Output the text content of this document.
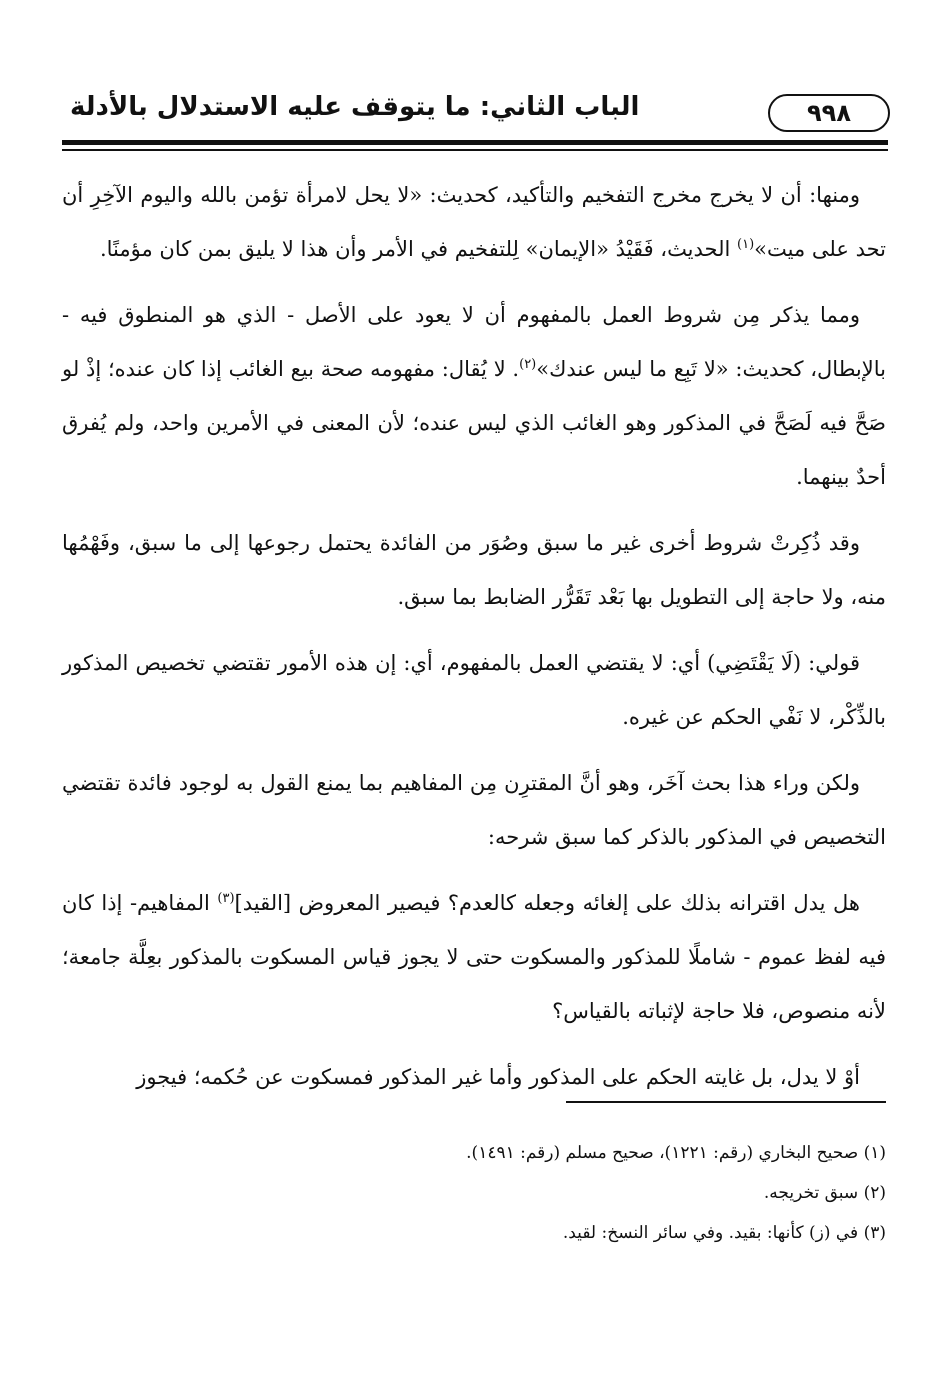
٩٩٨
الباب الثاني: ما يتوقف عليه الاستدلال بالأدلة

ومنها: أن لا يخرج مخرج التفخيم والتأكيد، كحديث: «لا يحل لامرأة تؤمن بالله واليوم الآخِرِ أن تحد على ميت»$^{(١)}$ الحديث، فَقَيْدُ «الإيمان» لِلتفخيم في الأمر وأن هذا لا يليق بمن كان مؤمنًا.

ومما يذكر مِن شروط العمل بالمفهوم أن لا يعود على الأصل - الذي هو المنطوق فيه - بالإبطال، كحديث: «لا تَبِع ما ليس عندك»$^{(٢)}$. لا يُقال: مفهومه صحة بيع الغائب إذا كان عنده؛ إذْ لو صَحَّ فيه لَصَحَّ في المذكور وهو الغائب الذي ليس عنده؛ لأن المعنى في الأمرين واحد، ولم يُفرق أحدٌ بينهما.

وقد ذُكِرتْ شروط أخرى غير ما سبق وصُوَر من الفائدة يحتمل رجوعها إلى ما سبق، وفَهْمُها منه، ولا حاجة إلى التطويل بها بَعْد تَقَرُّر الضابط بما سبق.

قولي: (لَا يَقْتَضِي) أي: لا يقتضي العمل بالمفهوم، أي: إن هذه الأمور تقتضي تخصيص المذكور بالذِّكْر، لا نَفْي الحكم عن غيره.

ولكن وراء هذا بحث آخَر، وهو أنَّ المقترِن مِن المفاهيم بما يمنع القول به لوجود فائدة تقتضي التخصيص في المذكور بالذكر كما سبق شرحه:

هل يدل اقترانه بذلك على إلغائه وجعله كالعدم؟ فيصير المعروض [القيد]$^{(٣)}$ المفاهيم- إذا كان فيه لفظ عموم - شاملًا للمذكور والمسكوت حتى لا يجوز قياس المسكوت بالمذكور بعِلَّة جامعة؛ لأنه منصوص، فلا حاجة لإثباته بالقياس؟

أوْ لا يدل، بل غايته الحكم على المذكور وأما غير المذكور فمسكوت عن حُكمه؛ فيجوز

(١) صحيح البخاري (رقم: ١٢٢١)، صحيح مسلم (رقم: ١٤٩١).
(٢) سبق تخريجه.
(٣) في (ز) كأنها: بقيد. وفي سائر النسخ: لقيد.
